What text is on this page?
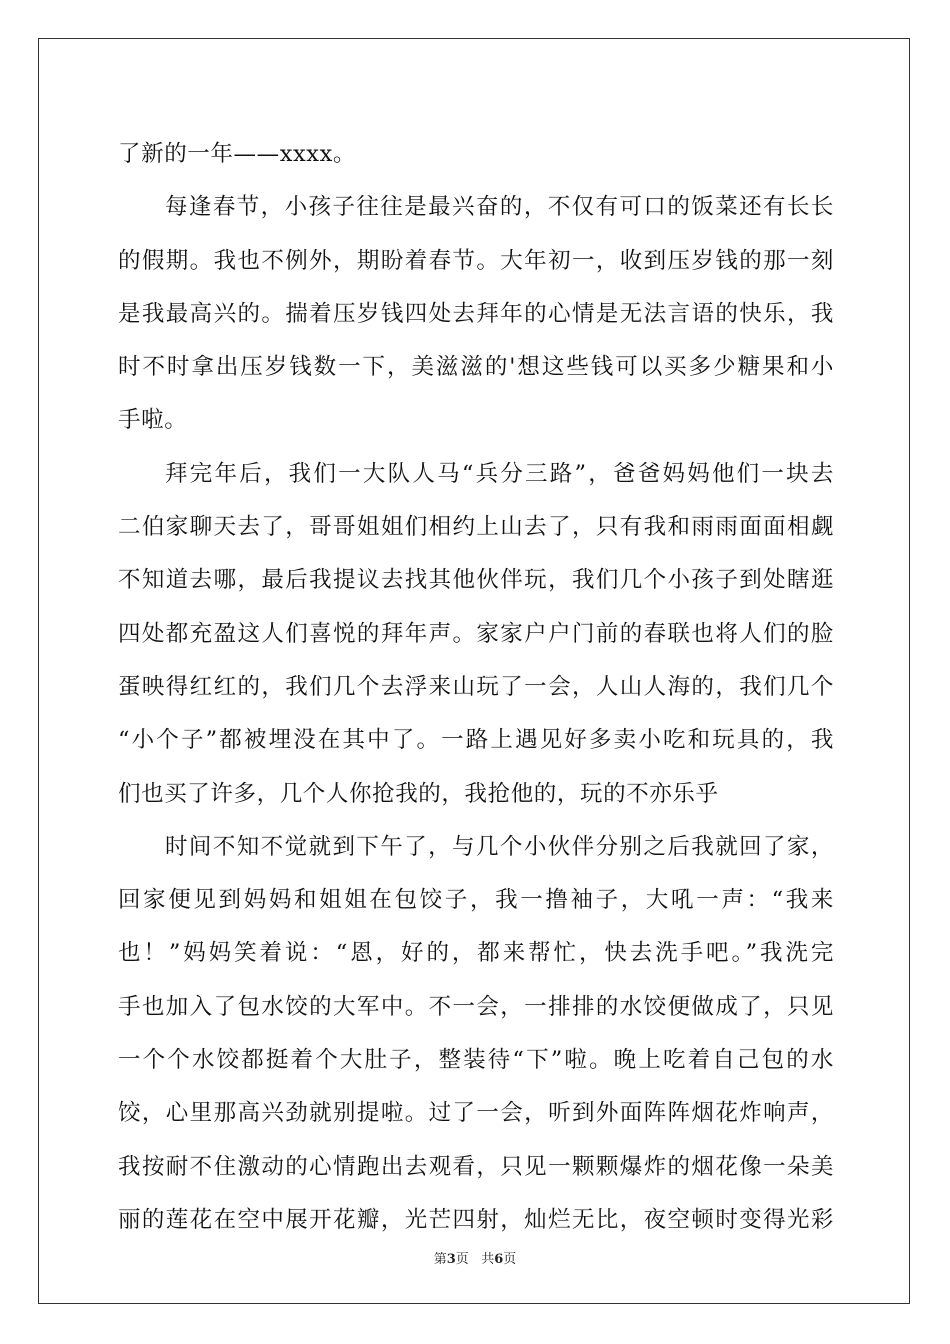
了新的一年——xxxx。
每逢春节，小孩子往往是最兴奋的，不仅有可口的饭菜还有长长
的假期。我也不例外，期盼着春节。大年初一，收到压岁钱的那一刻
是我最高兴的。揣着压岁钱四处去拜年的心情是无法言语的快乐，我
时不时拿出压岁钱数一下，美滋滋的'想这些钱可以买多少糖果和小
手啦。
拜完年后，我们一大队人马“兵分三路”，爸爸妈妈他们一块去
二伯家聊天去了，哥哥姐姐们相约上山去了，只有我和雨雨面面相觑
不知道去哪，最后我提议去找其他伙伴玩，我们几个小孩子到处瞎逛
四处都充盈这人们喜悦的拜年声。家家户户门前的春联也将人们的脸
蛋映得红红的，我们几个去浮来山玩了一会，人山人海的，我们几个
“小个子”都被埋没在其中了。一路上遇见好多卖小吃和玩具的，我
们也买了许多，几个人你抢我的，我抢他的，玩的不亦乐乎
时间不知不觉就到下午了，与几个小伙伴分别之后我就回了家，
回家便见到妈妈和姐姐在包饺子，我一撸袖子，大吼一声：“我来
也！”妈妈笑着说：“恩，好的，都来帮忙，快去洗手吧。”我洗完
手也加入了包水饺的大军中。不一会，一排排的水饺便做成了，只见
一个个水饺都挺着个大肚子，整装待“下”啦。晚上吃着自己包的水
饺，心里那高兴劲就别提啦。过了一会，听到外面阵阵烟花炸响声，
我按耐不住激动的心情跑出去观看，只见一颗颗爆炸的烟花像一朵美
丽的莲花在空中展开花瓣，光芒四射，灿烂无比，夜空顿时变得光彩
第3页 共6页
